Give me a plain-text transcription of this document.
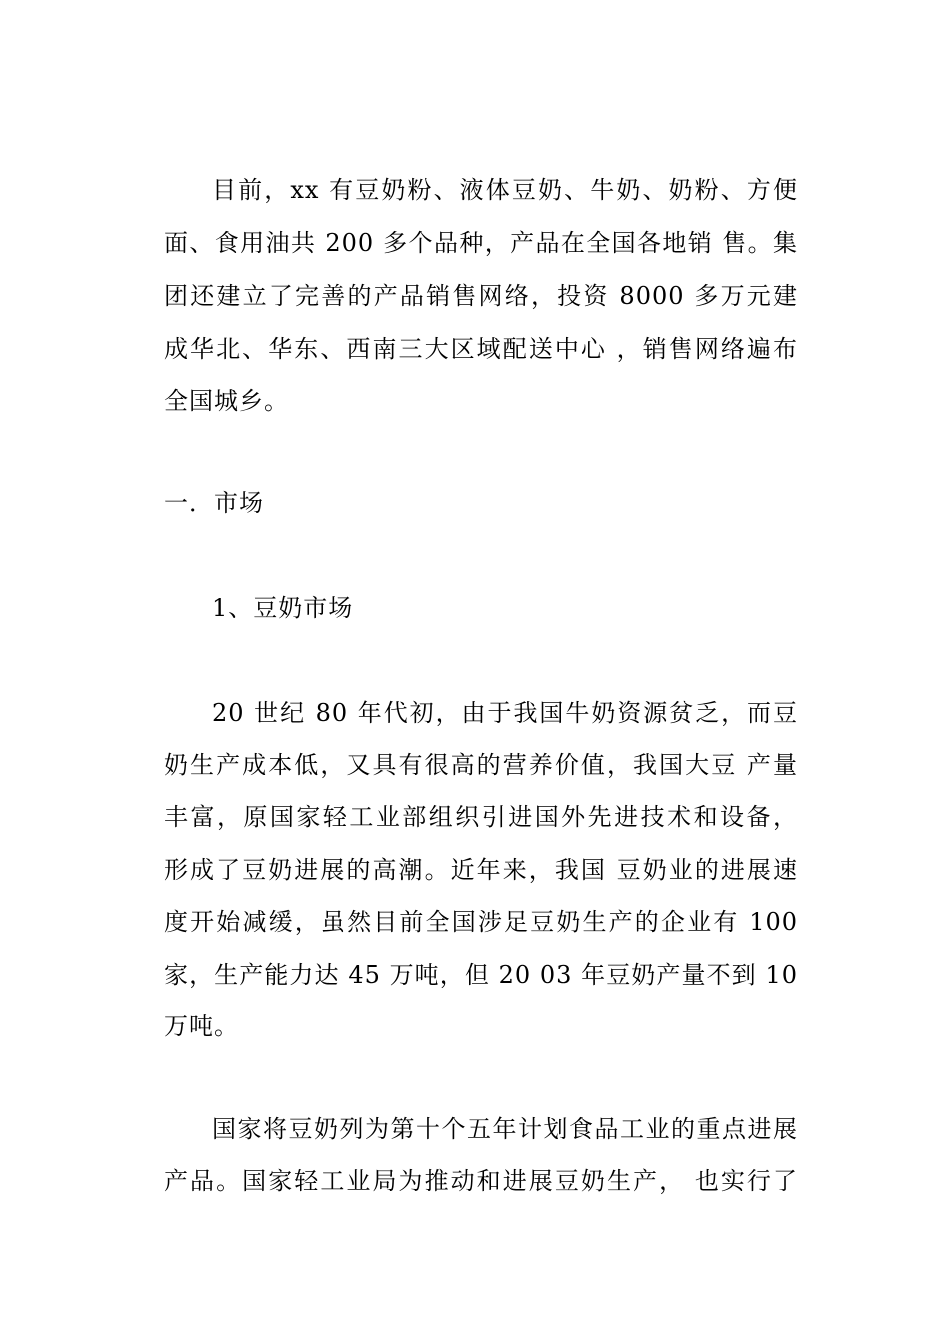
目前，xx 有豆奶粉、液体豆奶、牛奶、奶粉、方便
面、食用油共 200 多个品种，产品在全国各地销 售。集
团还建立了完善的产品销售网络，投资 8000 多万元建
成华北、华东、西南三大区域配送中心 ，销售网络遍布
全国城乡。
一．市场
1、豆奶市场
20 世纪 80 年代初，由于我国牛奶资源贫乏，而豆
奶生产成本低，又具有很高的营养价值，我国大豆 产量
丰富，原国家轻工业部组织引进国外先进技术和设备，
形成了豆奶进展的高潮。近年来，我国 豆奶业的进展速
度开始减缓，虽然目前全国涉足豆奶生产的企业有 100
家，生产能力达 45 万吨，但 20 03 年豆奶产量不到 10
万吨。
国家将豆奶列为第十个五年计划食品工业的重点进展
产品。国家轻工业局为推动和进展豆奶生产， 也实行了
